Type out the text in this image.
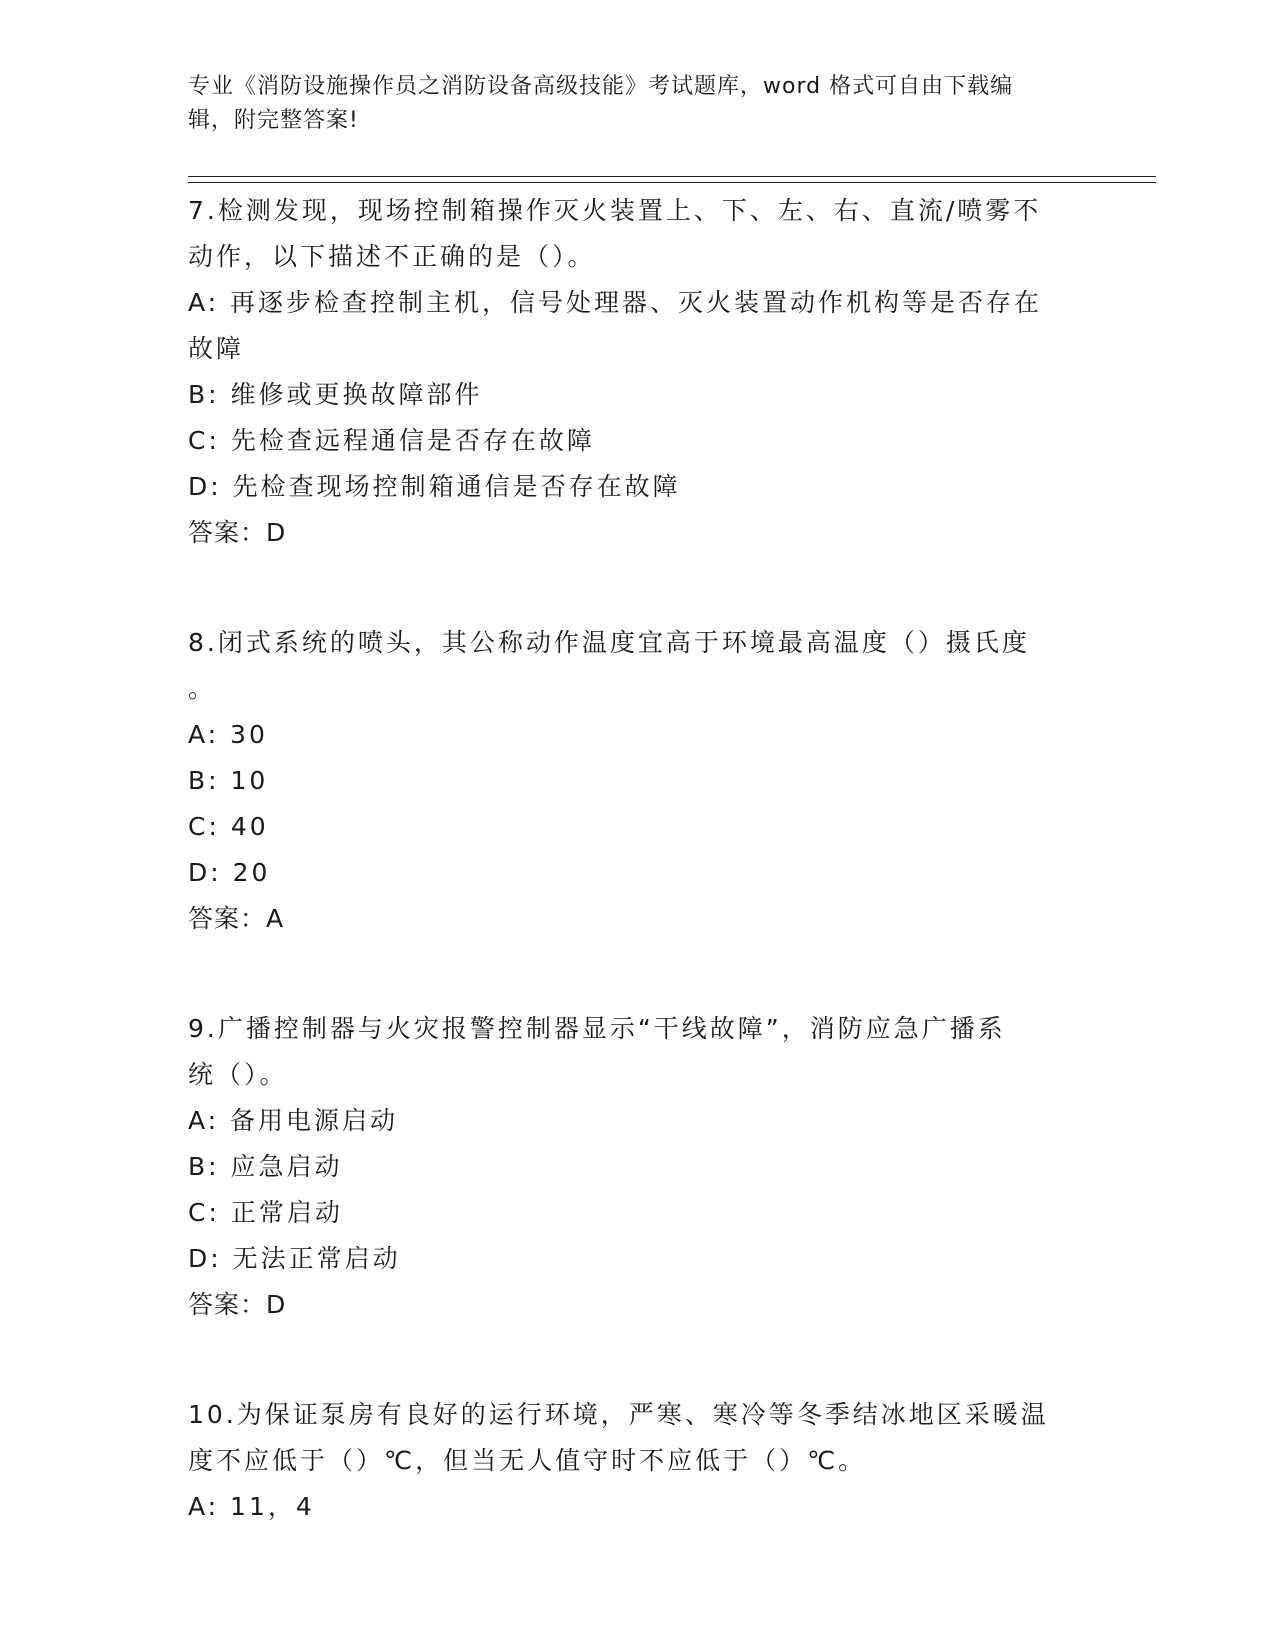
专业《消防设施操作员之消防设备高级技能》考试题库，word 格式可自由下载编
辑，附完整答案!
7.检测发现，现场控制箱操作灭火装置上、下、左、右、直流/喷雾不
动作，以下描述不正确的是（）。
A: 再逐步检查控制主机，信号处理器、灭火装置动作机构等是否存在
故障
B: 维修或更换故障部件
C: 先检查远程通信是否存在故障
D: 先检查现场控制箱通信是否存在故障
答案：D
8.闭式系统的喷头，其公称动作温度宜高于环境最高温度（）摄氏度
。
A: 30
B: 10
C: 40
D: 20
答案：A
9.广播控制器与火灾报警控制器显示“干线故障”，消防应急广播系
统（）。
A: 备用电源启动
B: 应急启动
C: 正常启动
D: 无法正常启动
答案：D
10.为保证泵房有良好的运行环境，严寒、寒冷等冬季结冰地区采暖温
度不应低于（）℃，但当无人值守时不应低于（）℃。
A: 11，4
